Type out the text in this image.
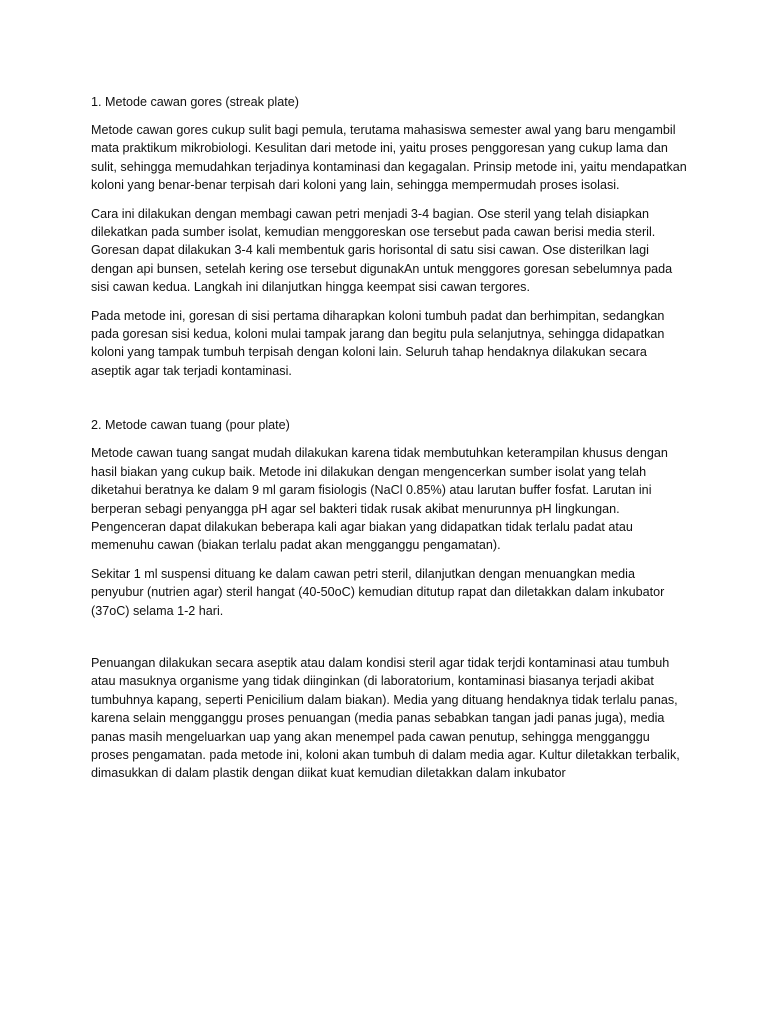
1. Metode cawan gores (streak plate)

Metode cawan gores cukup sulit bagi pemula, terutama mahasiswa semester awal yang baru mengambil mata praktikum mikrobiologi. Kesulitan dari metode ini, yaitu proses penggoresan yang cukup lama dan sulit, sehingga memudahkan terjadinya kontaminasi dan kegagalan. Prinsip metode ini, yaitu mendapatkan koloni yang benar-benar terpisah dari koloni yang lain, sehingga mempermudah proses isolasi.

Cara ini dilakukan dengan membagi cawan petri menjadi 3-4 bagian. Ose steril yang telah disiapkan dilekatkan pada sumber isolat, kemudian menggoreskan ose tersebut pada cawan berisi media steril. Goresan dapat dilakukan 3-4 kali membentuk garis horisontal di satu sisi cawan. Ose disterilkan lagi dengan api bunsen, setelah kering ose tersebut digunakAn untuk menggores goresan sebelumnya pada sisi cawan kedua. Langkah ini dilanjutkan hingga keempat sisi cawan tergores.

Pada metode ini, goresan di sisi pertama diharapkan koloni tumbuh padat dan berhimpitan, sedangkan pada goresan sisi kedua, koloni mulai tampak jarang dan begitu pula selanjutnya, sehingga didapatkan koloni yang tampak tumbuh terpisah dengan koloni lain. Seluruh tahap hendaknya dilakukan secara aseptik agar tak terjadi kontaminasi.

2. Metode cawan tuang (pour plate)

Metode cawan tuang sangat mudah dilakukan karena tidak membutuhkan keterampilan khusus dengan hasil biakan yang cukup baik. Metode ini dilakukan dengan mengencerkan sumber isolat yang telah diketahui beratnya ke dalam 9 ml garam fisiologis (NaCl 0.85%) atau larutan buffer fosfat. Larutan ini berperan sebagi penyangga pH agar sel bakteri tidak rusak akibat menurunnya pH lingkungan. Pengenceran dapat dilakukan beberapa kali agar biakan yang didapatkan tidak terlalu padat atau memenuhu cawan (biakan terlalu padat akan mengganggu pengamatan).

Sekitar 1 ml suspensi dituang ke dalam cawan petri steril, dilanjutkan dengan menuangkan media penyubur (nutrien agar) steril hangat (40-50oC) kemudian ditutup rapat dan diletakkan dalam inkubator (37oC) selama 1-2 hari.

Penuangan dilakukan secara aseptik atau dalam kondisi steril agar tidak terjdi kontaminasi atau tumbuh atau masuknya organisme yang tidak diinginkan (di laboratorium, kontaminasi biasanya terjadi akibat tumbuhnya kapang, seperti Penicilium dalam biakan). Media yang dituang hendaknya tidak terlalu panas, karena selain mengganggu proses penuangan (media panas sebabkan tangan jadi panas juga), media panas masih mengeluarkan uap yang akan menempel pada cawan penutup, sehingga mengganggu proses pengamatan. pada metode ini, koloni akan tumbuh di dalam media agar. Kultur diletakkan terbalik, dimasukkan di dalam plastik dengan diikat kuat kemudian diletakkan dalam inkubator
